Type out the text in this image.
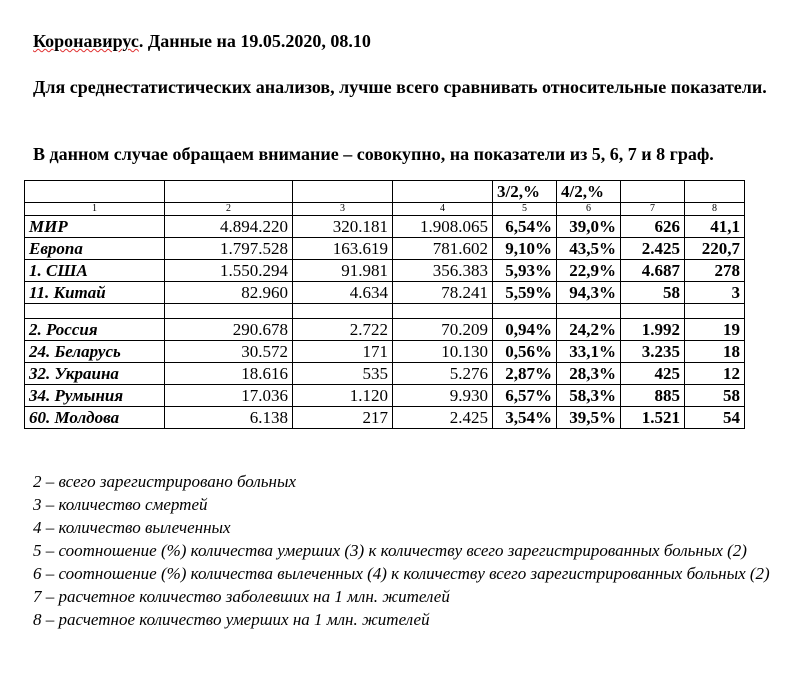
Коронавирус. Данные на 19.05.2020, 08.10
Для среднестатистических анализов, лучше всего сравнивать относительные показатели.
В данном случае обращаем внимание – совокупно, на показатели из 5, 6, 7 и 8 граф.
				3/2,%	4/2,%		
1	2	3	4	5	6	7	8
МИР	4.894.220	320.181	1.908.065	6,54%	39,0%	626	41,1
Европа	1.797.528	163.619	781.602	9,10%	43,5%	2.425	220,7
1. США	1.550.294	91.981	356.383	5,93%	22,9%	4.687	278
11. Китай	82.960	4.634	78.241	5,59%	94,3%	58	3

2. Россия	290.678	2.722	70.209	0,94%	24,2%	1.992	19
24. Беларусь	30.572	171	10.130	0,56%	33,1%	3.235	18
32. Украина	18.616	535	5.276	2,87%	28,3%	425	12
34. Румыния	17.036	1.120	9.930	6,57%	58,3%	885	58
60. Молдова	6.138	217	2.425	3,54%	39,5%	1.521	54
2 – всего зарегистрировано больных
3 – количество смертей
4 – количество вылеченных
5 – соотношение (%) количества умерших (3) к количеству всего зарегистрированных больных (2)
6 – соотношение (%) количества вылеченных (4) к количеству всего зарегистрированных больных (2)
7 – расчетное количество заболевших на 1 млн. жителей
8 – расчетное количество умерших на 1 млн. жителей
